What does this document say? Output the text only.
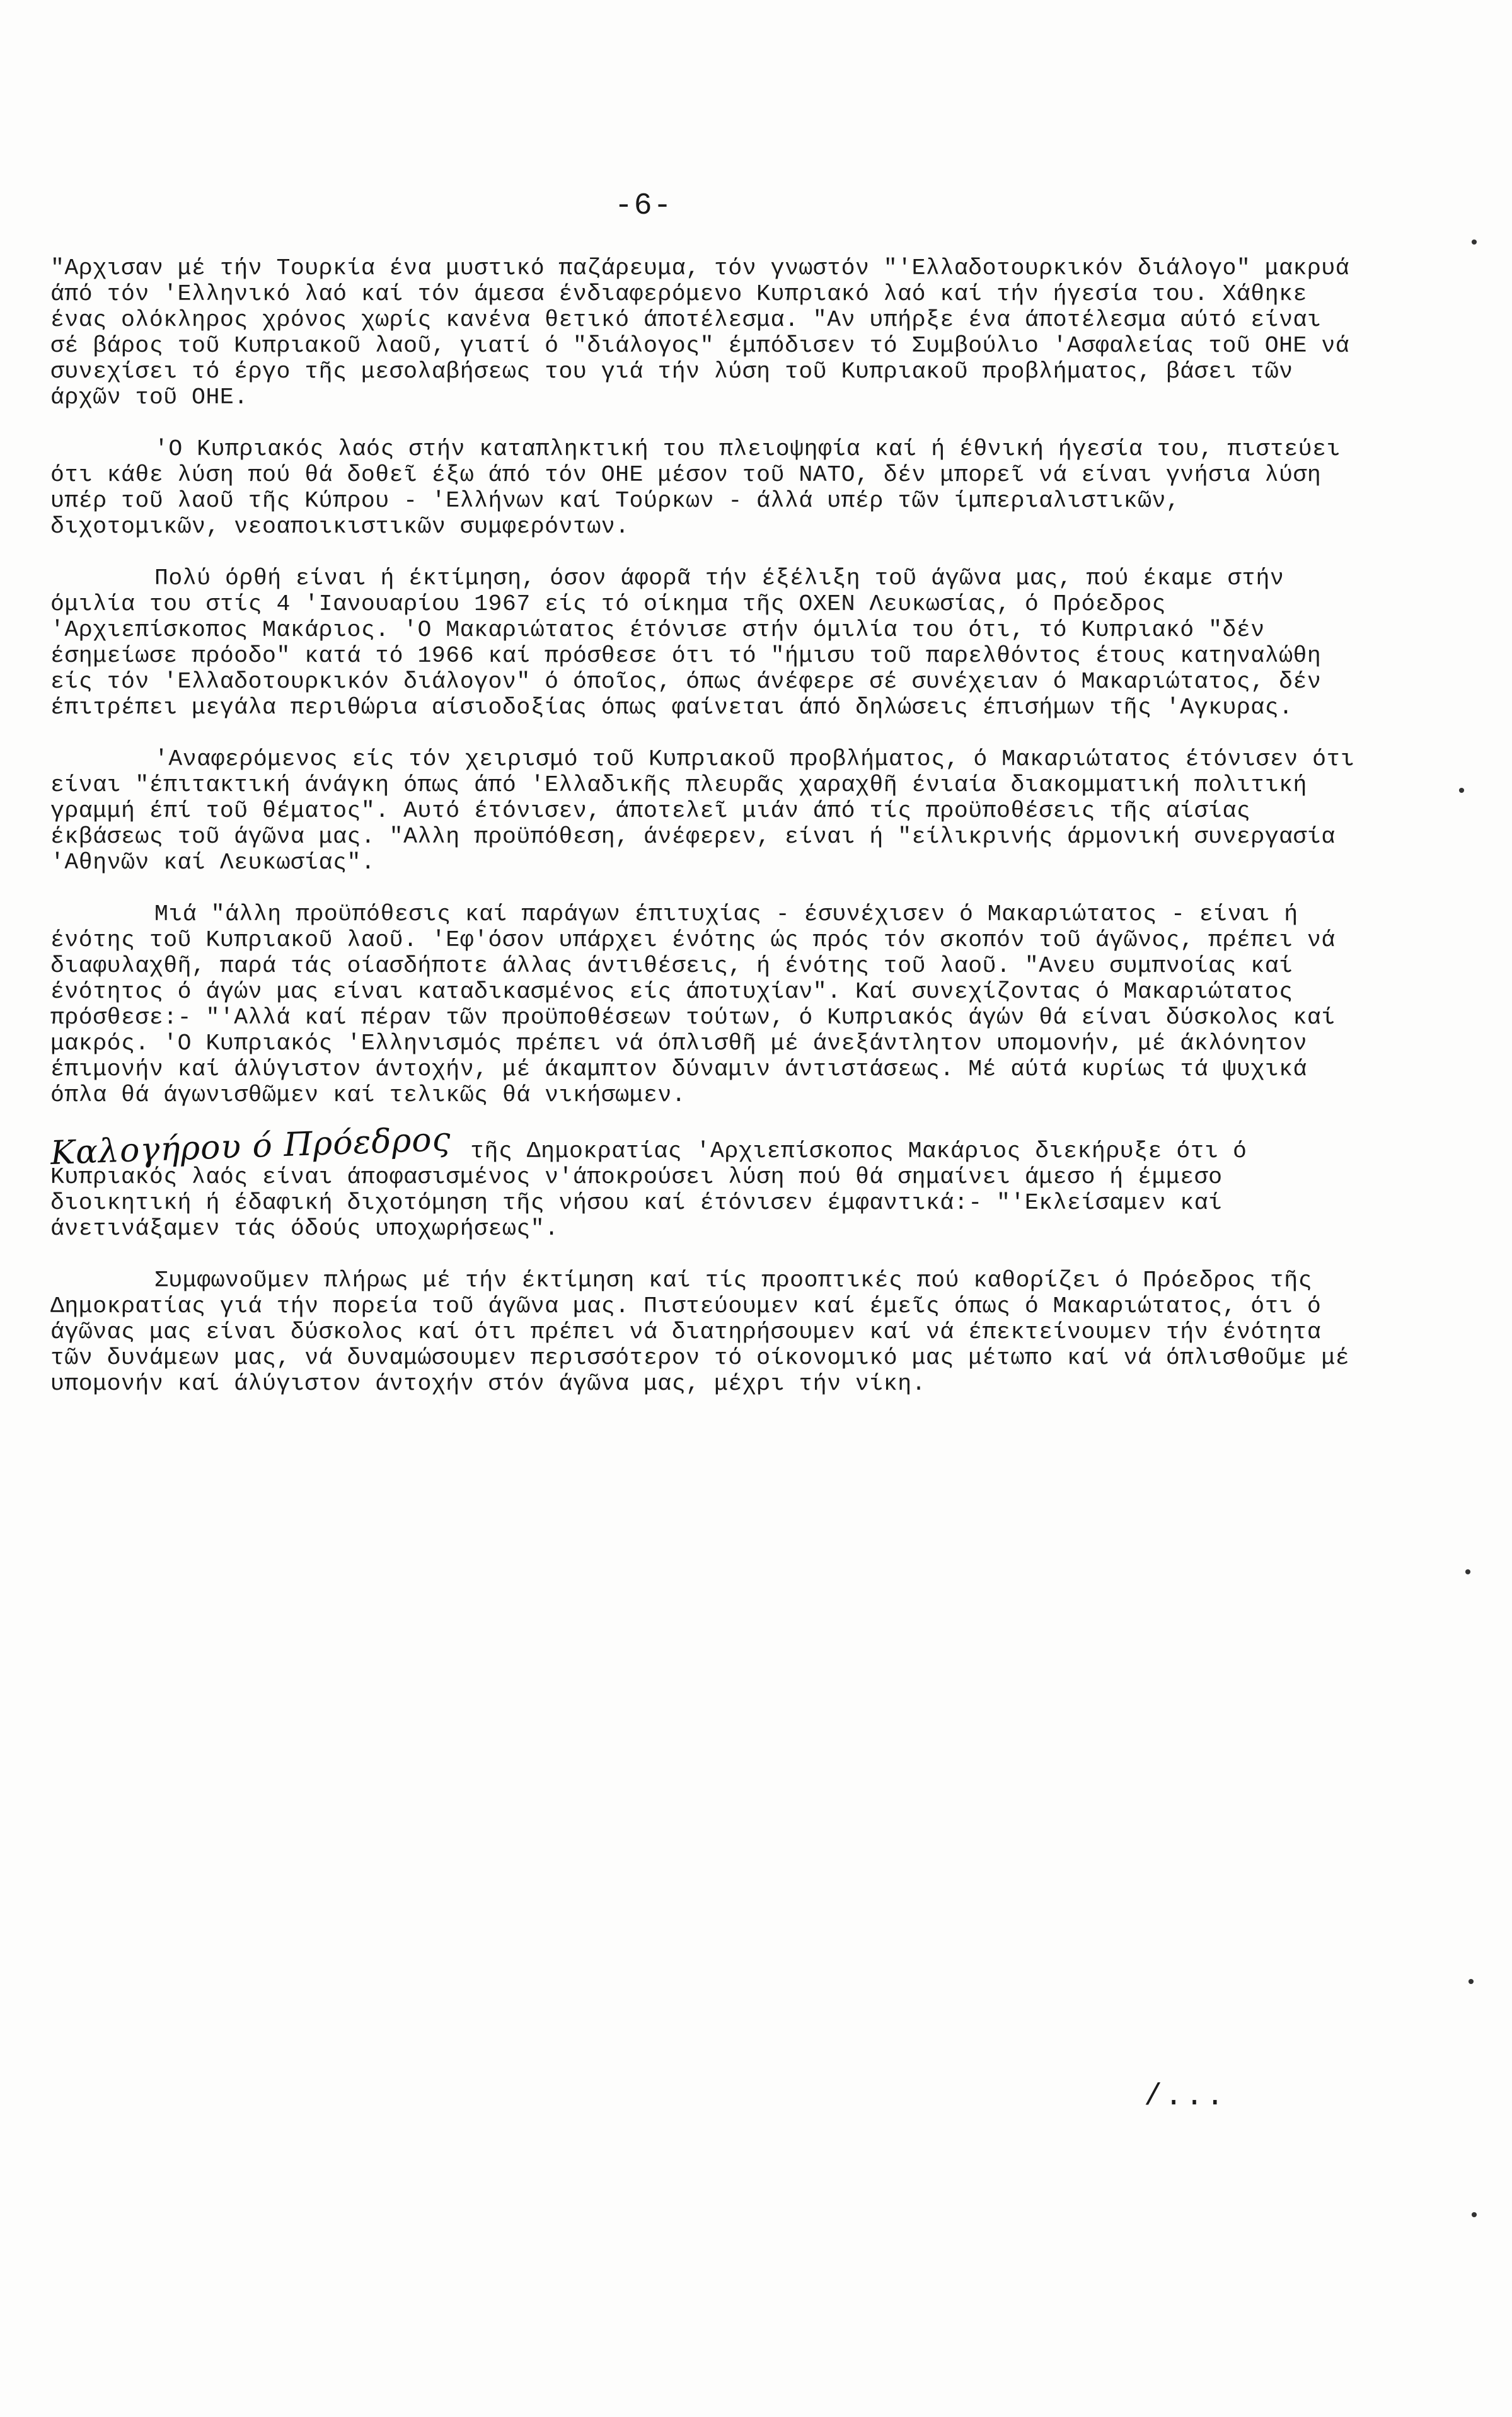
-6-

"Αρχισαν μέ τήν Τουρκία ένα μυστικό παζάρευμα, τόν γνωστόν "'Ελλαδοτουρκικόν διάλογο" μακρυά άπό τόν 'Ελληνικό λαό καί τόν άμεσα ένδιαφερόμενο Κυπριακό λαό καί τήν ήγεσία του. Χάθηκε ένας ολόκληρος χρόνος χωρίς κανένα θετικό άποτέλεσμα. "Αν υπήρξε ένα άποτέλεσμα αύτό είναι σέ βάρος τοῦ Κυπριακοῦ λαοῦ, γιατί ό "διάλογος" έμπόδισεν τό Συμβούλιο 'Ασφαλείας τοῦ ΟΗΕ νά συνεχίσει τό έργο τῆς μεσολαβήσεως του γιά τήν λύση τοῦ Κυπριακοῦ προβλήματος, βάσει τῶν άρχῶν τοῦ ΟΗΕ.

'Ο Κυπριακός λαός στήν καταπληκτική του πλειοψηφία καί ή έθνική ήγεσία του, πιστεύει ότι κάθε λύση πού θά δοθεῖ έξω άπό τόν ΟΗΕ μέσον τοῦ ΝΑΤΟ, δέν μπορεῖ νά είναι γνήσια λύση υπέρ τοῦ λαοῦ τῆς Κύπρου - 'Ελλήνων καί Τούρκων - άλλά υπέρ τῶν ίμπεριαλιστικῶν, διχοτομικῶν, νεοαποικιστικῶν συμφερόντων.

Πολύ όρθή είναι ή έκτίμηση, όσον άφορᾶ τήν έξέλιξη τοῦ άγῶνα μας, πού έκαμε στήν όμιλία του στίς 4 'Ιανουαρίου 1967 είς τό οίκημα τῆς ΟΧΕΝ Λευκωσίας, ό Πρόεδρος 'Αρχιεπίσκοπος Μακάριος. 'Ο Μακαριώτατος έτόνισε στήν όμιλία του ότι, τό Κυπριακό "δέν έσημείωσε πρόοδο" κατά τό 1966 καί πρόσθεσε ότι τό "ήμισυ τοῦ παρελθόντος έτους κατηναλώθη είς τόν 'Ελλαδοτουρκικόν διάλογον" ό όποῖος, όπως άνέφερε σέ συνέχειαν ό Μακαριώτατος, δέν έπιτρέπει μεγάλα περιθώρια αίσιοδοξίας όπως φαίνεται άπό δηλώσεις έπισήμων τῆς 'Αγκυρας.

'Αναφερόμενος είς τόν χειρισμό τοῦ Κυπριακοῦ προβλήματος, ό Μακαριώτατος έτόνισεν ότι είναι "έπιτακτική άνάγκη όπως άπό 'Ελλαδικῆς πλευρᾶς χαραχθῆ ένιαία διακομματική πολιτική γραμμή έπί τοῦ θέματος". Αυτό έτόνισεν, άποτελεῖ μιάν άπό τίς προϋποθέσεις τῆς αίσίας έκβάσεως τοῦ άγῶνα μας. "Αλλη προϋπόθεση, άνέφερεν, είναι ή "είλικρινής άρμονική συνεργασία 'Αθηνῶν καί Λευκωσίας".

Μιά "άλλη προϋπόθεσις καί παράγων έπιτυχίας - έσυνέχισεν ό Μακαριώτατος - είναι ή ένότης τοῦ Κυπριακοῦ λαοῦ. 'Εφ'όσον υπάρχει ένότης ώς πρός τόν σκοπόν τοῦ άγῶνος, πρέπει νά διαφυλαχθῆ, παρά τάς οίασδήποτε άλλας άντιθέσεις, ή ένότης τοῦ λαοῦ. "Ανευ συμπνοίας καί ένότητος ό άγών μας είναι καταδικασμένος είς άποτυχίαν". Καί συνεχίζοντας ό Μακαριώτατος πρόσθεσε:- "'Αλλά καί πέραν τῶν προϋποθέσεων τούτων, ό Κυπριακός άγών θά είναι δύσκολος καί μακρός. 'Ο Κυπριακός 'Ελληνισμός πρέπει νά όπλισθῆ μέ άνεξάντλητον υπομονήν, μέ άκλόνητον έπιμονήν καί άλύγιστον άντοχήν, μέ άκαμπτον δύναμιν άντιστάσεως. Μέ αύτά κυρίως τά ψυχικά όπλα θά άγωνισθῶμεν καί τελικῶς θά νικήσωμεν.

Καλογήρου ό Πρόεδρος τῆς Δημοκρατίας 'Αρχιεπίσκοπος Μακάριος διεκήρυξε ότι ό Κυπριακός λαός είναι άποφασισμένος ν'άποκρούσει λύση πού θά σημαίνει άμεσο ή έμμεσο διοικητική ή έδαφική διχοτόμηση τῆς νήσου καί έτόνισεν έμφαντικά:- "'Εκλείσαμεν καί άνετινάξαμεν τάς όδούς υποχωρήσεως".

Συμφωνοῦμεν πλήρως μέ τήν έκτίμηση καί τίς προοπτικές πού καθορίζει ό Πρόεδρος τῆς Δημοκρατίας γιά τήν πορεία τοῦ άγῶνα μας. Πιστεύουμεν καί έμεῖς όπως ό Μακαριώτατος, ότι ό άγῶνας μας είναι δύσκολος καί ότι πρέπει νά διατηρήσουμεν καί νά έπεκτείνουμεν τήν ένότητα τῶν δυνάμεων μας, νά δυναμώσουμεν περισσότερον τό οίκονομικό μας μέτωπο καί νά όπλισθοῦμε μέ υπομονήν καί άλύγιστον άντοχήν στόν άγῶνα μας, μέχρι τήν νίκη.

/...
•
•
•
•
•
